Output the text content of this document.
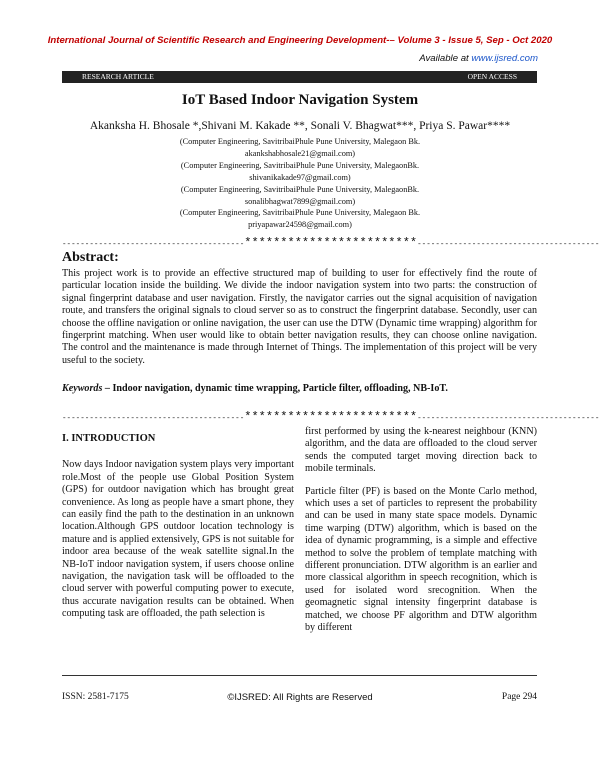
International Journal of Scientific Research and Engineering Development-– Volume 3 - Issue 5, Sep - Oct 2020
Available at www.ijsred.com
RESEARCH ARTICLE	OPEN ACCESS
IoT Based Indoor Navigation System
Akanksha H. Bhosale *,Shivani M. Kakade **, Sonali V. Bhagwat***, Priya S. Pawar****
(Computer Engineering, SavitribaiPhule Pune University, Malegaon Bk.
akankshabhosale21@gmail.com)
(Computer Engineering, SavitribaiPhule Pune University, MalegaonBk.
shivanikakade97@gmail.com)
(Computer Engineering, SavitribaiPhule Pune University, MalegaonBk.
sonalibhagwat7899@gmail.com)
(Computer Engineering, SavitribaiPhule Pune University, Malegaon Bk.
priyapawar24598@gmail.com)
----------------------------------------************************----------------------------------------
Abstract:
This project work is to provide an effective structured map of building to user for effectively find the route of particular location inside the building. We divide the indoor navigation system into two parts: the construction of signal fingerprint database and user navigation. Firstly, the navigator carries out the signal acquisition of navigation route, and transfers the original signals to cloud server so as to construct the fingerprint database. Secondly, user can choose the offline navigation or online navigation, the user can use the DTW (Dynamic time wrapping) algorithm for fingerprint matching. When user would like to obtain better navigation results, they can choose online navigation. The control and the maintenance is made through Internet of Things. The implementation of this project will be very useful to the society.
Keywords – Indoor navigation, dynamic time wrapping, Particle filter, offloading, NB-IoT.
----------------------------------------************************----------------------------------------

I. INTRODUCTION

Now days Indoor navigation system plays very important role.Most of the people use Global Position System (GPS) for outdoor navigation which has brought great convenience. As long as people have a smart phone, they can easily find the path to the destination in an unknown location.Although GPS outdoor location technology is mature and is applied extensively, GPS is not suitable for indoor area because of the weak satellite signal.In the NB-IoT indoor navigation system, if users choose online navigation, the navigation task will be offloaded to the cloud server with powerful computing power to execute, thus accurate navigation results can be obtained. When computing task are offloaded, the path selection is

first performed by using the k-nearest neighbour (KNN) algorithm, and the data are offloaded to the cloud server sends the computed target moving direction back to mobile terminals.

Particle filter (PF) is based on the Monte Carlo method, which uses a set of particles to represent the probability and can be used in many state space models. Dynamic time warping (DTW) algorithm, which is based on the idea of dynamic programming, is a simple and effective method to solve the problem of template matching with different pronunciation. DTW algorithm is an earlier and more classical algorithm in speech recognition, which is used for isolated word srecognition. When the geomagnetic signal intensity fingerprint database is matched, we choose PF algorithm and DTW algorithm by different

ISSN: 2581-7175	©IJSRED: All Rights are Reserved	Page 294
